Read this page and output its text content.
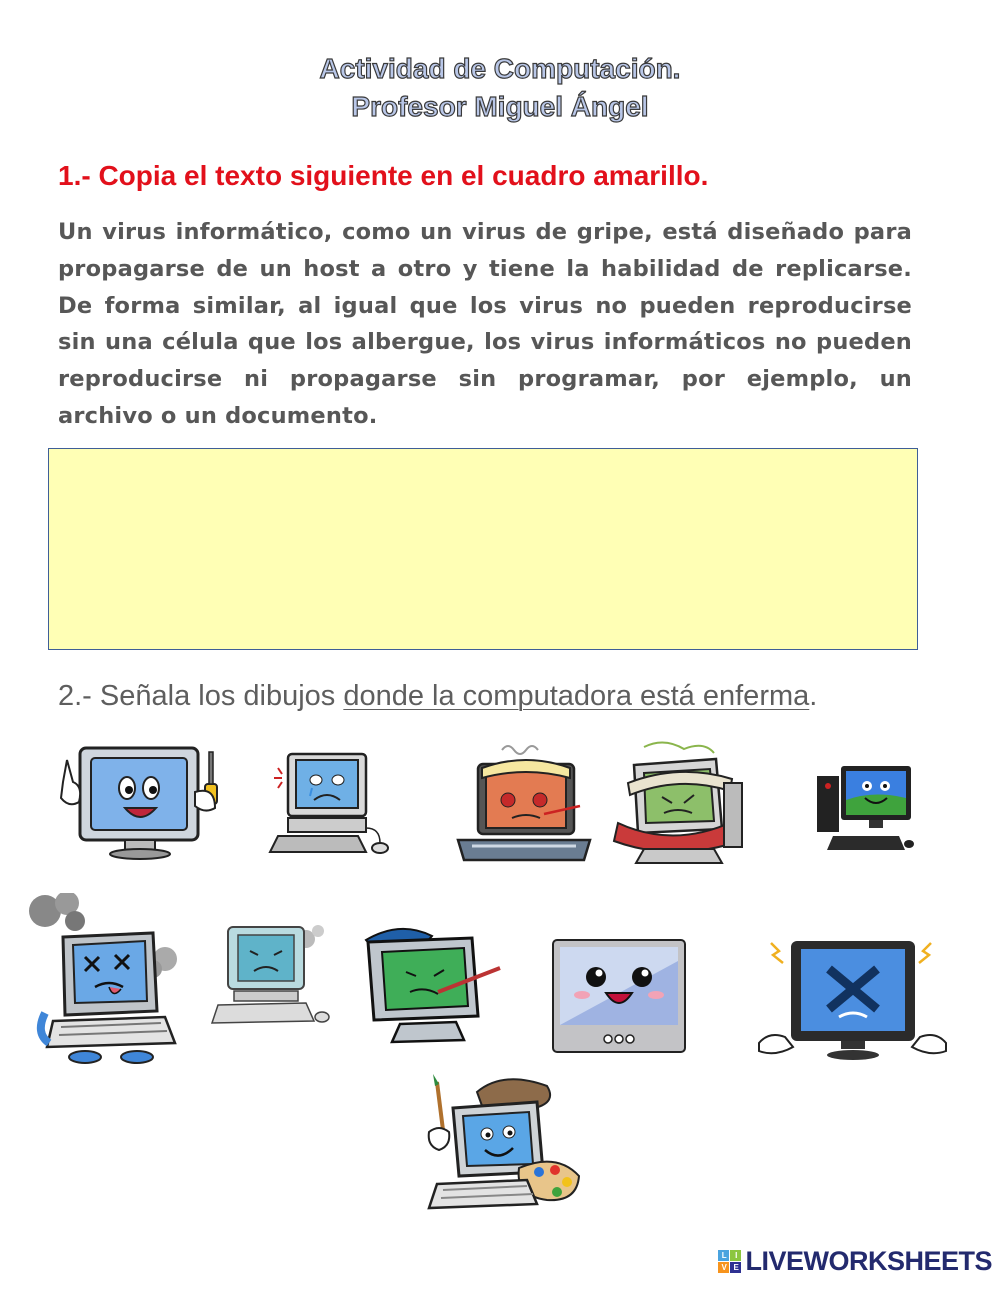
Actividad de Computación.
Profesor Miguel Ángel
1.- Copia el texto siguiente en el cuadro amarillo.
Un virus informático, como un virus de gripe, está diseñado para propagarse de un host a otro y tiene la habilidad de replicarse. De forma similar, al igual que los virus no pueden reproducirse sin una célula que los albergue, los virus informáticos no pueden reproducirse ni propagarse sin programar, por ejemplo, un archivo o un documento.
2.- Señala los dibujos donde la computadora está enferma.
L	I
V E LIVEWORKSHEETS
